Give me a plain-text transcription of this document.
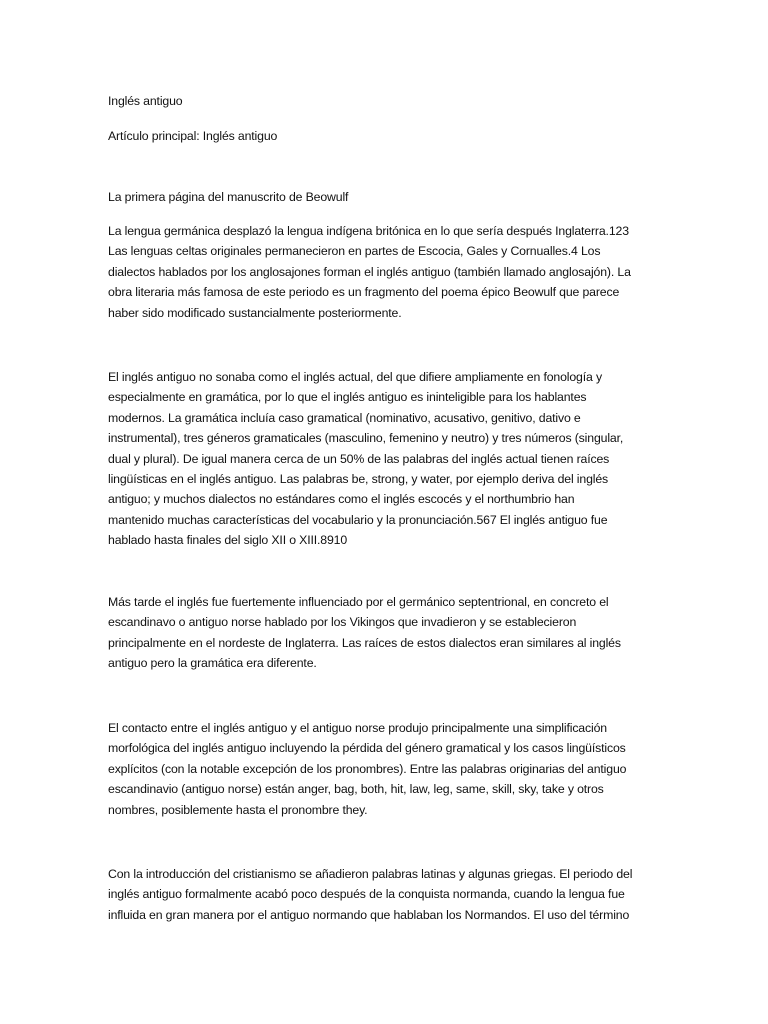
Inglés antiguo

Artículo principal: Inglés antiguo

La primera página del manuscrito de Beowulf

La lengua germánica desplazó la lengua indígena britónica en lo que sería después Inglaterra.123
Las lenguas celtas originales permanecieron en partes de Escocia, Gales y Cornualles.4 Los
dialectos hablados por los anglosajones forman el inglés antiguo (también llamado anglosajón). La
obra literaria más famosa de este periodo es un fragmento del poema épico Beowulf que parece
haber sido modificado sustancialmente posteriormente.
El inglés antiguo no sonaba como el inglés actual, del que difiere ampliamente en fonología y
especialmente en gramática, por lo que el inglés antiguo es ininteligible para los hablantes
modernos. La gramática incluía caso gramatical (nominativo, acusativo, genitivo, dativo e
instrumental), tres géneros gramaticales (masculino, femenino y neutro) y tres números (singular,
dual y plural). De igual manera cerca de un 50% de las palabras del inglés actual tienen raíces
lingüísticas en el inglés antiguo. Las palabras be, strong, y water, por ejemplo deriva del inglés
antiguo; y muchos dialectos no estándares como el inglés escocés y el northumbrio han
mantenido muchas características del vocabulario y la pronunciación.567 El inglés antiguo fue
hablado hasta finales del siglo XII o XIII.8910
Más tarde el inglés fue fuertemente influenciado por el germánico septentrional, en concreto el
escandinavo o antiguo norse hablado por los Vikingos que invadieron y se establecieron
principalmente en el nordeste de Inglaterra. Las raíces de estos dialectos eran similares al inglés
antiguo pero la gramática era diferente.
El contacto entre el inglés antiguo y el antiguo norse produjo principalmente una simplificación
morfológica del inglés antiguo incluyendo la pérdida del género gramatical y los casos lingüísticos
explícitos (con la notable excepción de los pronombres). Entre las palabras originarias del antiguo
escandinavio (antiguo norse) están anger, bag, both, hit, law, leg, same, skill, sky, take y otros
nombres, posiblemente hasta el pronombre they.
Con la introducción del cristianismo se añadieron palabras latinas y algunas griegas. El periodo del
inglés antiguo formalmente acabó poco después de la conquista normanda, cuando la lengua fue
influida en gran manera por el antiguo normando que hablaban los Normandos. El uso del término
